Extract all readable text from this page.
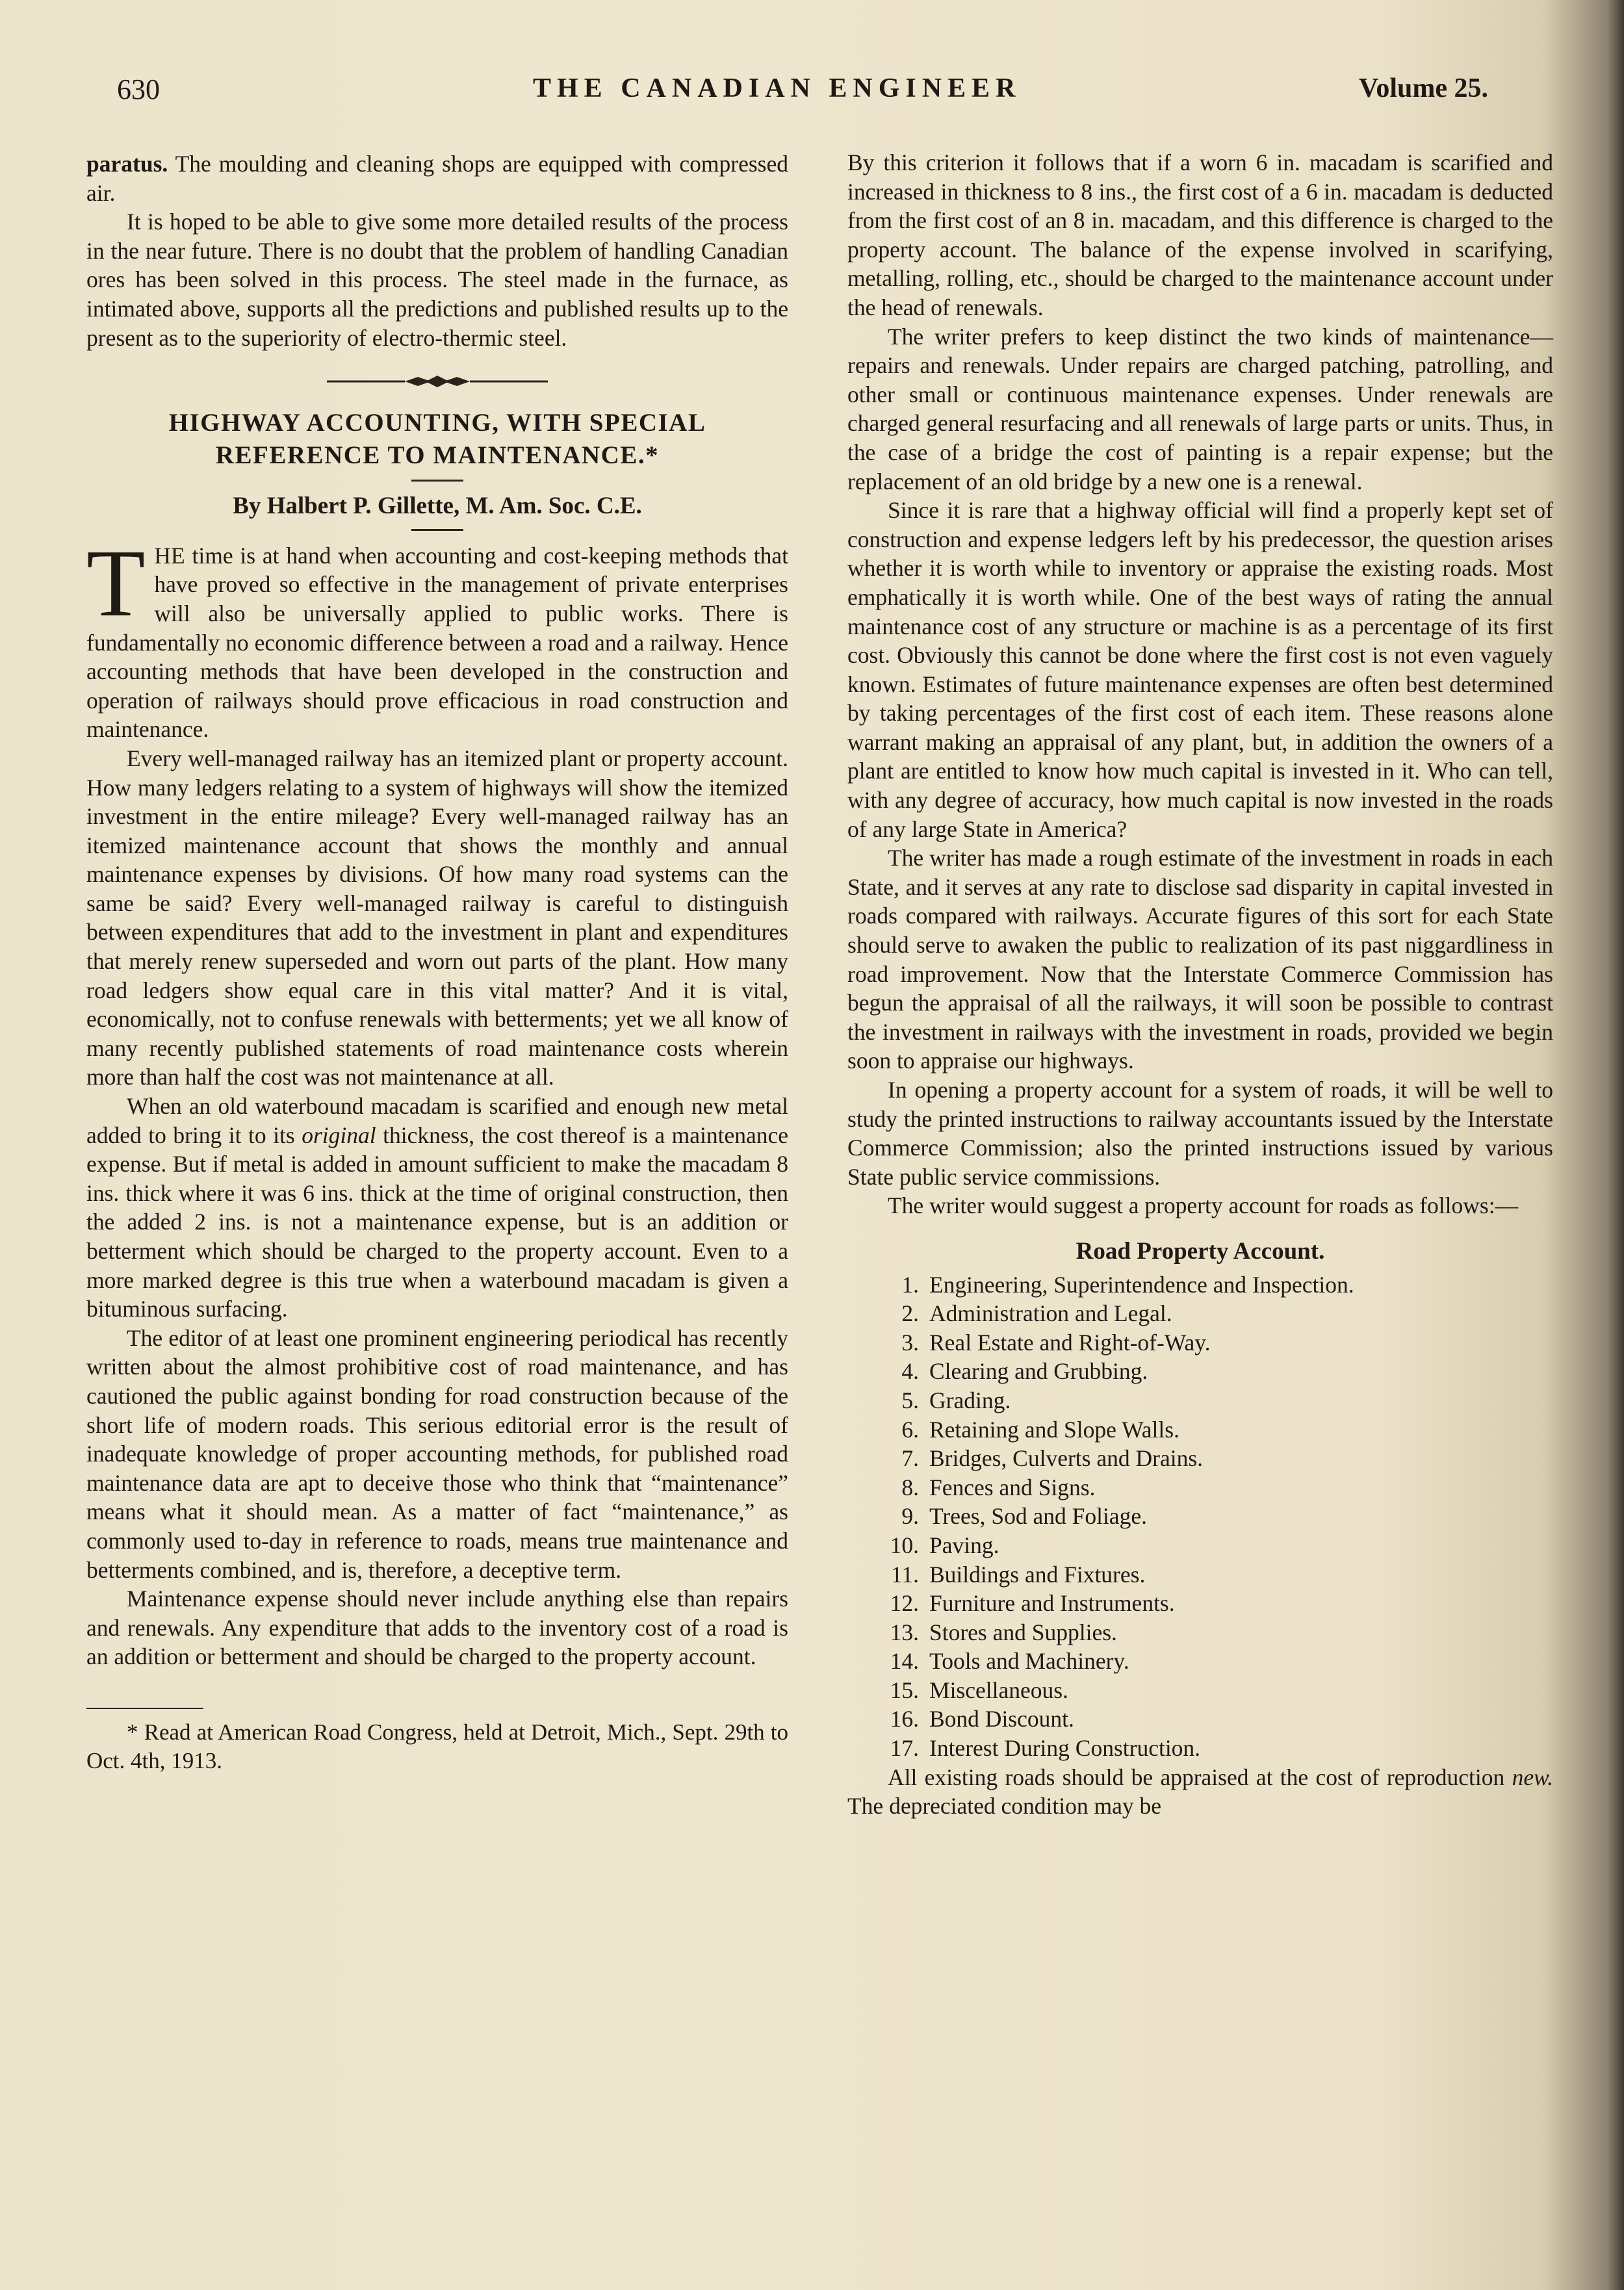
630	THE CANADIAN ENGINEER	Volume 25.

paratus. The moulding and cleaning shops are equipped with compressed air.

It is hoped to be able to give some more detailed results of the process in the near future. There is no doubt that the problem of handling Canadian ores has been solved in this process. The steel made in the furnace, as intimated above, supports all the predictions and published results up to the present as to the superiority of electro-thermic steel.

HIGHWAY ACCOUNTING, WITH SPECIAL
REFERENCE TO MAINTENANCE.*
By Halbert P. Gillette, M. Am. Soc. C.E.

THE time is at hand when accounting and cost-keeping methods that have proved so effective in the management of private enterprises will also be universally applied to public works. There is fundamentally no economic difference between a road and a railway. Hence accounting methods that have been developed in the construction and operation of railways should prove efficacious in road construction and maintenance.

Every well-managed railway has an itemized plant or property account. How many ledgers relating to a system of highways will show the itemized investment in the entire mileage? Every well-managed railway has an itemized maintenance account that shows the monthly and annual maintenance expenses by divisions. Of how many road systems can the same be said? Every well-managed railway is careful to distinguish between expenditures that add to the investment in plant and expenditures that merely renew superseded and worn out parts of the plant. How many road ledgers show equal care in this vital matter? And it is vital, economically, not to confuse renewals with betterments; yet we all know of many recently published statements of road maintenance costs wherein more than half the cost was not maintenance at all.

When an old waterbound macadam is scarified and enough new metal added to bring it to its original thickness, the cost thereof is a maintenance expense. But if metal is added in amount sufficient to make the macadam 8 ins. thick where it was 6 ins. thick at the time of original construction, then the added 2 ins. is not a maintenance expense, but is an addition or betterment which should be charged to the property account. Even to a more marked degree is this true when a waterbound macadam is given a bituminous surfacing.

The editor of at least one prominent engineering periodical has recently written about the almost prohibitive cost of road maintenance, and has cautioned the public against bonding for road construction because of the short life of modern roads. This serious editorial error is the result of inadequate knowledge of proper accounting methods, for published road maintenance data are apt to deceive those who think that “maintenance” means what it should mean. As a matter of fact “maintenance,” as commonly used to-day in reference to roads, means true maintenance and betterments combined, and is, therefore, a deceptive term.

Maintenance expense should never include anything else than repairs and renewals. Any expenditure that adds to the inventory cost of a road is an addition or betterment and should be charged to the property account.

* Read at American Road Congress, held at Detroit, Mich., Sept. 29th to Oct. 4th, 1913.

By this criterion it follows that if a worn 6 in. macadam is scarified and increased in thickness to 8 ins., the first cost of a 6 in. macadam is deducted from the first cost of an 8 in. macadam, and this difference is charged to the property account. The balance of the expense involved in scarifying, metalling, rolling, etc., should be charged to the maintenance account under the head of renewals.

The writer prefers to keep distinct the two kinds of maintenance—repairs and renewals. Under repairs are charged patching, patrolling, and other small or continuous maintenance expenses. Under renewals are charged general resurfacing and all renewals of large parts or units. Thus, in the case of a bridge the cost of painting is a repair expense; but the replacement of an old bridge by a new one is a renewal.

Since it is rare that a highway official will find a properly kept set of construction and expense ledgers left by his predecessor, the question arises whether it is worth while to inventory or appraise the existing roads. Most emphatically it is worth while. One of the best ways of rating the annual maintenance cost of any structure or machine is as a percentage of its first cost. Obviously this cannot be done where the first cost is not even vaguely known. Estimates of future maintenance expenses are often best determined by taking percentages of the first cost of each item. These reasons alone warrant making an appraisal of any plant, but, in addition the owners of a plant are entitled to know how much capital is invested in it. Who can tell, with any degree of accuracy, how much capital is now invested in the roads of any large State in America?

The writer has made a rough estimate of the investment in roads in each State, and it serves at any rate to disclose sad disparity in capital invested in roads compared with railways. Accurate figures of this sort for each State should serve to awaken the public to realization of its past niggardliness in road improvement. Now that the Interstate Commerce Commission has begun the appraisal of all the railways, it will soon be possible to contrast the investment in railways with the investment in roads, provided we begin soon to appraise our highways.

In opening a property account for a system of roads, it will be well to study the printed instructions to railway accountants issued by the Interstate Commerce Commission; also the printed instructions issued by various State public service commissions.

The writer would suggest a property account for roads as follows:—

Road Property Account.
1. Engineering, Superintendence and Inspection.
2. Administration and Legal.
3. Real Estate and Right-of-Way.
4. Clearing and Grubbing.
5. Grading.
6. Retaining and Slope Walls.
7. Bridges, Culverts and Drains.
8. Fences and Signs.
9. Trees, Sod and Foliage.
10. Paving.
11. Buildings and Fixtures.
12. Furniture and Instruments.
13. Stores and Supplies.
14. Tools and Machinery.
15. Miscellaneous.
16. Bond Discount.
17. Interest During Construction.

All existing roads should be appraised at the cost of reproduction new. The depreciated condition may be
